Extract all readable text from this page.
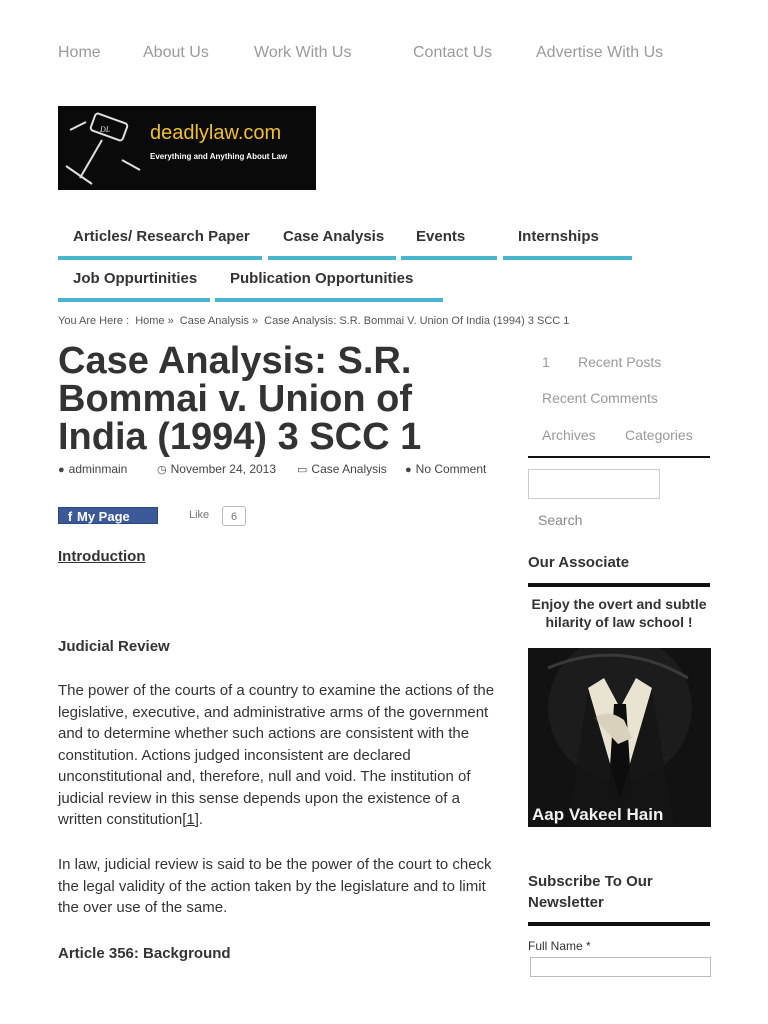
Home	About Us	Work With Us	Contact Us	Advertise With Us
DL deadlylaw.com
Everything and Anything About Law
Articles/ Research Paper	Case Analysis	Events	Internships
Job Oppurtinities	Publication Opportunities
You Are Here : Home » Case Analysis » Case Analysis: S.R. Bommai V. Union Of India (1994) 3 SCC 1
Case Analysis: S.R. Bommai v. Union of India (1994) 3 SCC 1
● adminmain	◷ November 24, 2013 ▭ Case Analysis ● No Comment
f My Page	Like	6
Introduction
Judicial Review

The power of the courts of a country to examine the actions of the legislative, executive, and administrative arms of the government and to determine whether such actions are consistent with the constitution. Actions judged inconsistent are declared unconstitutional and, therefore, null and void. The institution of judicial review in this sense depends upon the existence of a written constitution[1].

In law, judicial review is said to be the power of the court to check the legal validity of the action taken by the legislature and to limit the over use of the same.

Article 356: Background
1 Recent Posts
Recent Comments
Archives Categories
Search
Our Associate
Enjoy the overt and subtle hilarity of law school !
Aap Vakeel Hain
Subscribe To Our Newsletter
Full Name *
